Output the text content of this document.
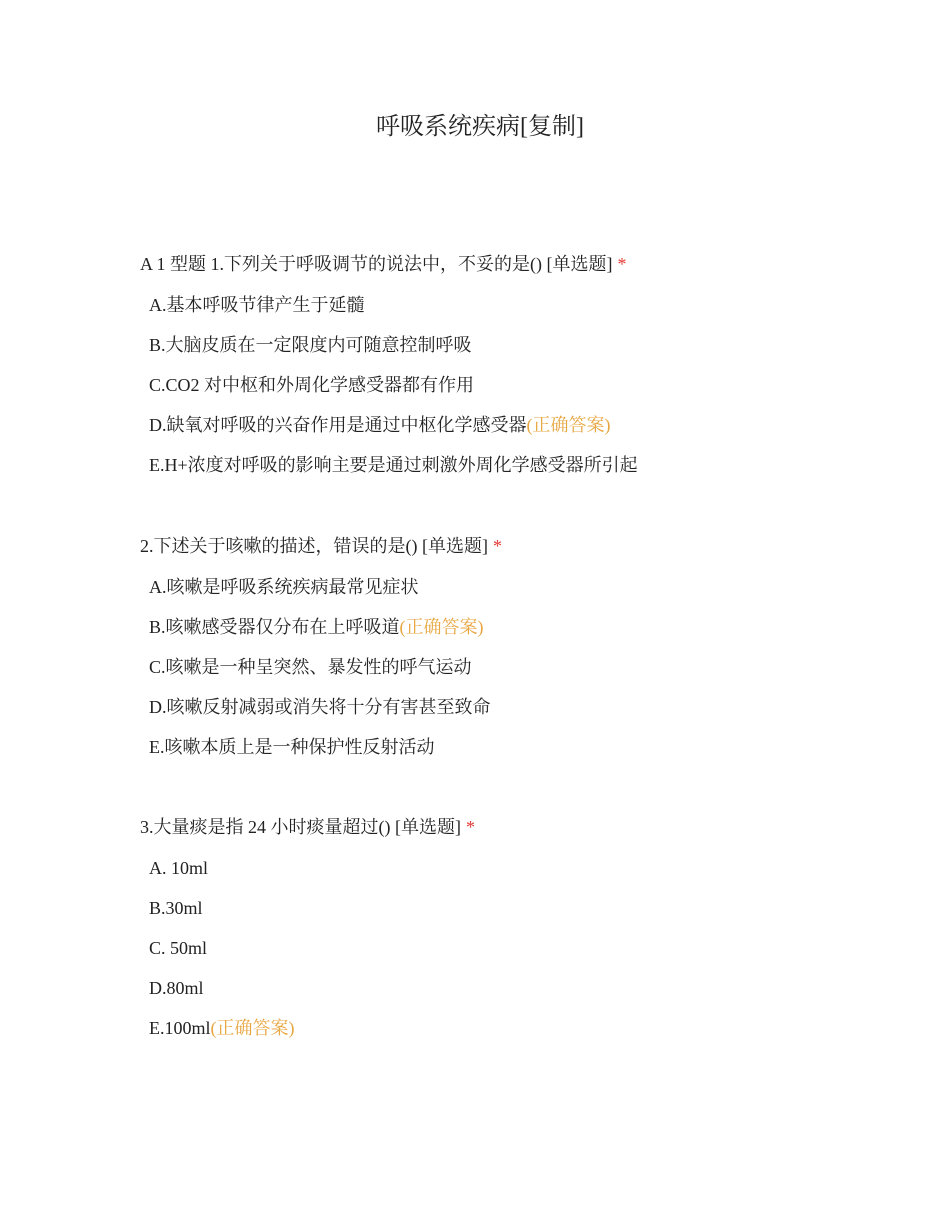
呼吸系统疾病[复制]

A 1 型题 1.下列关于呼吸调节的说法中，不妥的是() [单选题] *

A.基本呼吸节律产生于延髓
B.大脑皮质在一定限度内可随意控制呼吸
C.CO2 对中枢和外周化学感受器都有作用
D.缺氧对呼吸的兴奋作用是通过中枢化学感受器(正确答案)
E.H+浓度对呼吸的影响主要是通过刺激外周化学感受器所引起

2.下述关于咳嗽的描述，错误的是() [单选题] *

A.咳嗽是呼吸系统疾病最常见症状
B.咳嗽感受器仅分布在上呼吸道(正确答案)
C.咳嗽是一种呈突然、暴发性的呼气运动
D.咳嗽反射减弱或消失将十分有害甚至致命
E.咳嗽本质上是一种保护性反射活动

3.大量痰是指 24 小时痰量超过() [单选题] *

A. 10ml
B.30ml
C. 50ml
D.80ml
E.100ml(正确答案)
